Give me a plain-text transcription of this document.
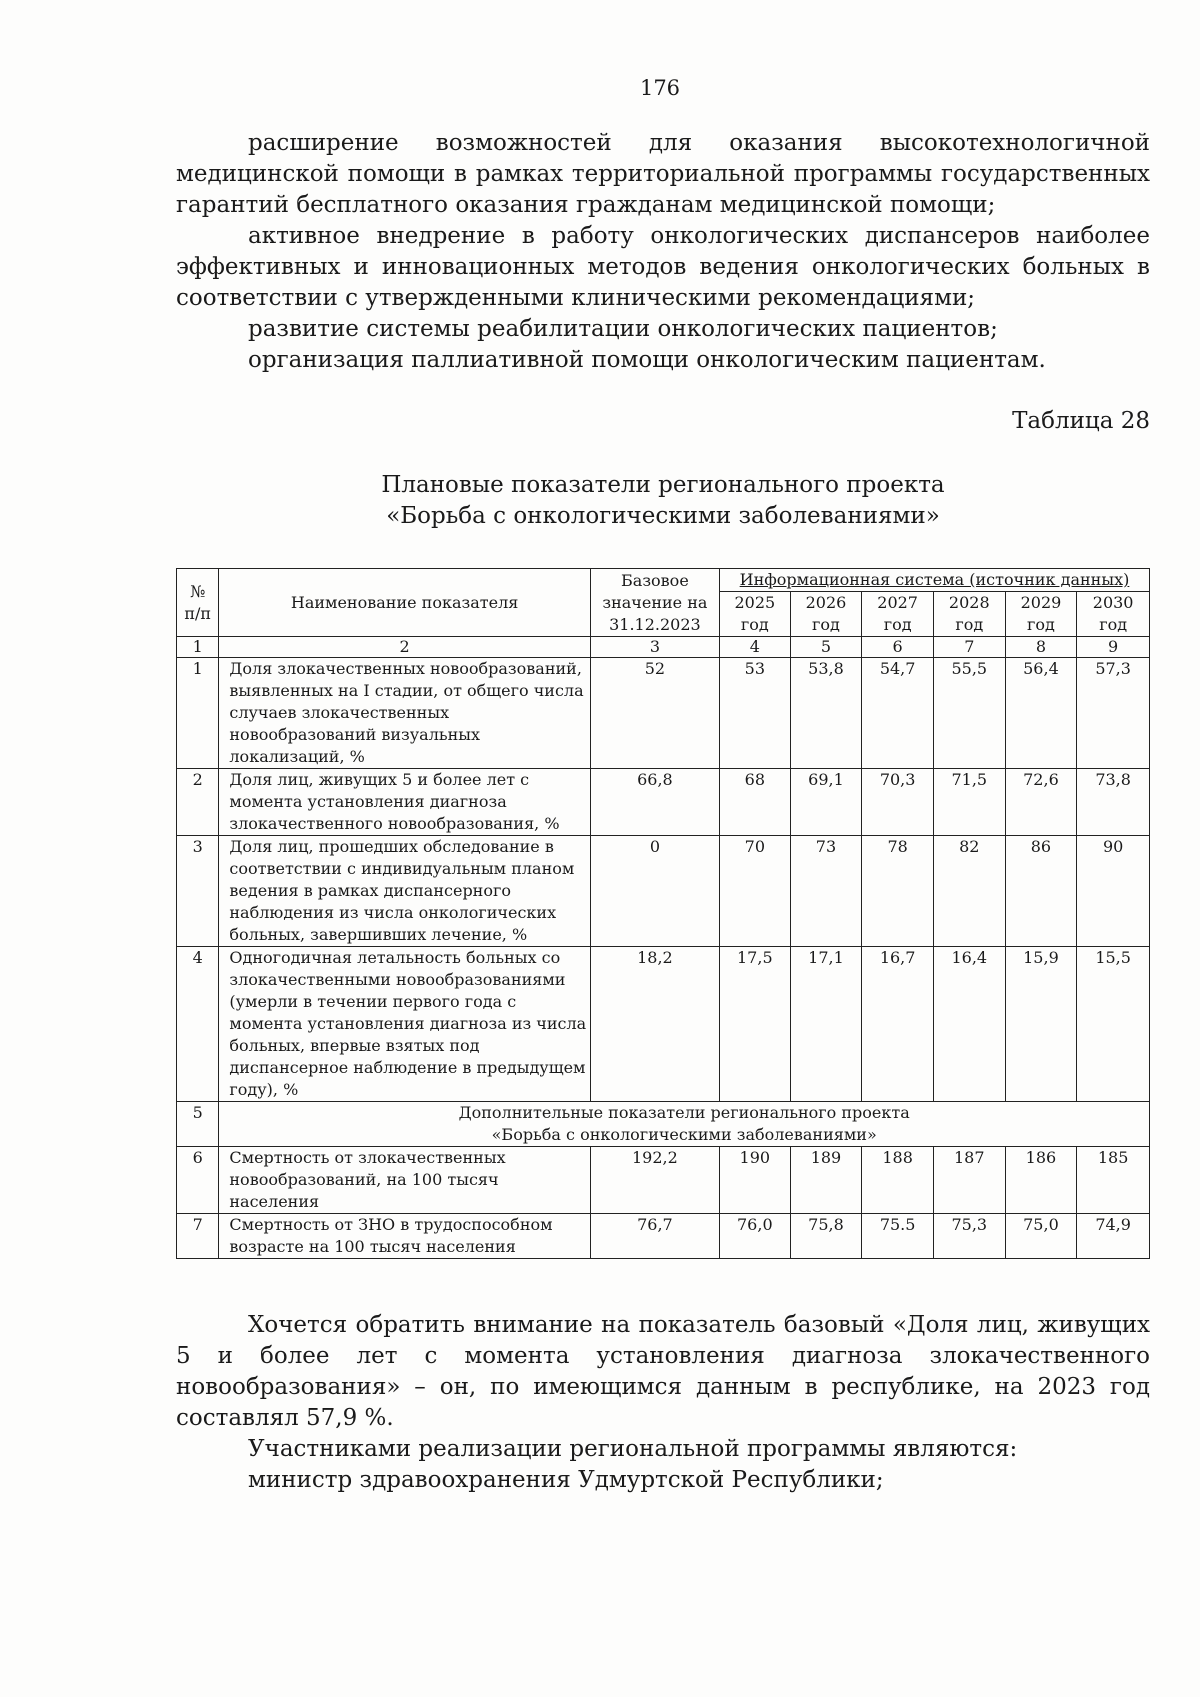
176

расширение возможностей для оказания высокотехнологичной медицинской помощи в рамках территориальной программы государственных гарантий бесплатного оказания гражданам медицинской помощи;

активное внедрение в работу онкологических диспансеров наиболее эффективных и инновационных методов ведения онкологических больных в соответствии с утвержденными клиническими рекомендациями;

развитие системы реабилитации онкологических пациентов;

организация паллиативной помощи онкологическим пациентам.

Таблица 28
Плановые показатели регионального проекта
«Борьба с онкологическими заболеваниями»
№ п/п	Наименование показателя	Базовое значение на 31.12.2023	Информационная система (источник данных)					
			2025 год	2026 год	2027 год	2028 год	2029 год	2030 год
1	2	3	4	5	6	7	8	9
1	Доля злокачественных новообразований, выявленных на I стадии, от общего числа случаев злокачественных новообразований визуальных локализаций, %	52	53	53,8	54,7	55,5	56,4	57,3
2	Доля лиц, живущих 5 и более лет с момента установления диагноза злокачественного новообразования, %	66,8	68	69,1	70,3	71,5	72,6	73,8
3	Доля лиц, прошедших обследование в соответствии с индивидуальным планом ведения в рамках диспансерного наблюдения из числа онкологических больных, завершивших лечение, %	0	70	73	78	82	86	90
4	Одногодичная летальность больных со злокачественными новообразованиями (умерли в течении первого года с момента установления диагноза из числа больных, впервые взятых под диспансерное наблюдение в предыдущем году), %	18,2	17,5	17,1	16,7	16,4	15,9	15,5
5	Дополнительные показатели регионального проекта
«Борьба с онкологическими заболеваниями»							

6	Смертность от злокачественных новообразований, на 100 тысяч населения	192,2	190	189	188	187	186	185
7	Смертность от ЗНО в трудоспособном возрасте на 100 тысяч населения	76,7	76,0	75,8	75.5	75,3	75,0	74,9

Хочется обратить внимание на показатель базовый «Доля лиц, живущих 5 и более лет с момента установления диагноза злокачественного новообразования» – он, по имеющимся данным в республике, на 2023 год составлял 57,9 %.

Участниками реализации региональной программы являются:

министр здравоохранения Удмуртской Республики;
